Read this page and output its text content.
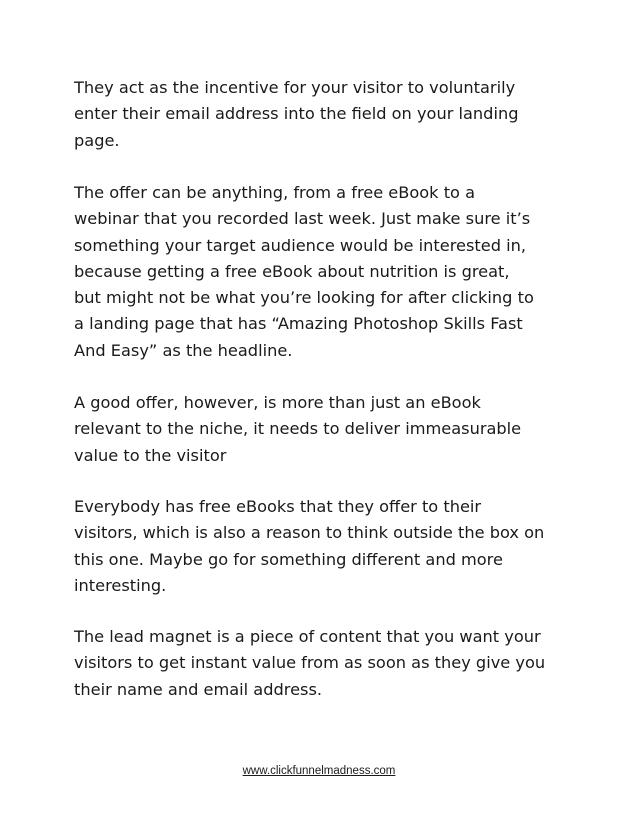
They act as the incentive for your visitor to voluntarily
enter their email address into the field on your landing
page.

The offer can be anything, from a free eBook to a
webinar that you recorded last week. Just make sure it’s
something your target audience would be interested in,
because getting a free eBook about nutrition is great,
but might not be what you’re looking for after clicking to
a landing page that has “Amazing Photoshop Skills Fast
And Easy” as the headline.

A good offer, however, is more than just an eBook
relevant to the niche, it needs to deliver immeasurable
value to the visitor

Everybody has free eBooks that they offer to their
visitors, which is also a reason to think outside the box on
this one. Maybe go for something different and more
interesting.

The lead magnet is a piece of content that you want your
visitors to get instant value from as soon as they give you
their name and email address.

www.clickfunnelmadness.com
